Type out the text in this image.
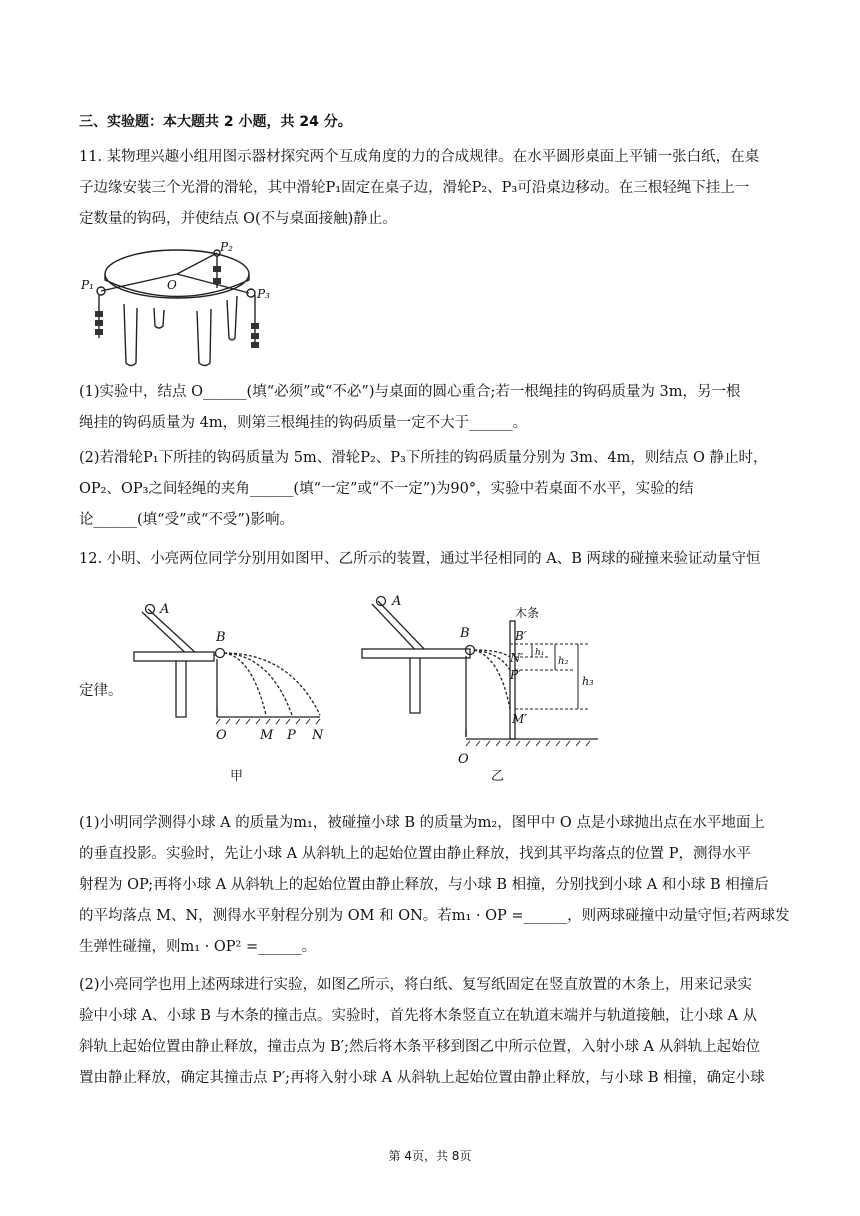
三、实验题：本大题共 2 小题，共 24 分。
11. 某物理兴趣小组用图示器材探究两个互成角度的力的合成规律。在水平圆形桌面上平铺一张白纸，在桌
子边缘安装三个光滑的滑轮，其中滑轮P₁固定在桌子边，滑轮P₂、P₃可沿桌边移动。在三根轻绳下挂上一
定数量的钩码，并使结点 O(不与桌面接触)静止。
P₁
P₂
P₃
O
(1)实验中，结点 O______(填“必须”或“不必”)与桌面的圆心重合;若一根绳挂的钩码质量为 3m，另一根
绳挂的钩码质量为 4m，则第三根绳挂的钩码质量一定不大于______。
(2)若滑轮P₁下所挂的钩码质量为 5m、滑轮P₂、P₃下所挂的钩码质量分别为 3m、4m，则结点 O 静止时，
OP₂、OP₃之间轻绳的夹角______(填“一定”或“不一定”)为90°，实验中若桌面不水平，实验的结
论______(填“受”或“不受”)影响。
12. 小明、小亮两位同学分别用如图甲、乙所示的装置，通过半径相同的 A、B 两球的碰撞来验证动量守恒
定律。
A
B
O	M P N
甲
A
B
O
B′
N′
P′
M′
h₁
h₂
h₃
木条
乙
(1)小明同学测得小球 A 的质量为m₁，被碰撞小球 B 的质量为m₂，图甲中 O 点是小球抛出点在水平地面上
的垂直投影。实验时，先让小球 A 从斜轨上的起始位置由静止释放，找到其平均落点的位置 P，测得水平
射程为 OP;再将小球 A 从斜轨上的起始位置由静止释放，与小球 B 相撞，分别找到小球 A 和小球 B 相撞后
的平均落点 M、N，测得水平射程分别为 OM 和 ON。若m₁ · OP =______，则两球碰撞中动量守恒;若两球发
生弹性碰撞，则m₁ · OP² =______。
(2)小亮同学也用上述两球进行实验，如图乙所示，将白纸、复写纸固定在竖直放置的木条上，用来记录实
验中小球 A、小球 B 与木条的撞击点。实验时，首先将木条竖直立在轨道末端并与轨道接触，让小球 A 从
斜轨上起始位置由静止释放，撞击点为 B′;然后将木条平移到图乙中所示位置，入射小球 A 从斜轨上起始位
置由静止释放，确定其撞击点 P′;再将入射小球 A 从斜轨上起始位置由静止释放，与小球 B 相撞，确定小球
第 4页，共 8页
